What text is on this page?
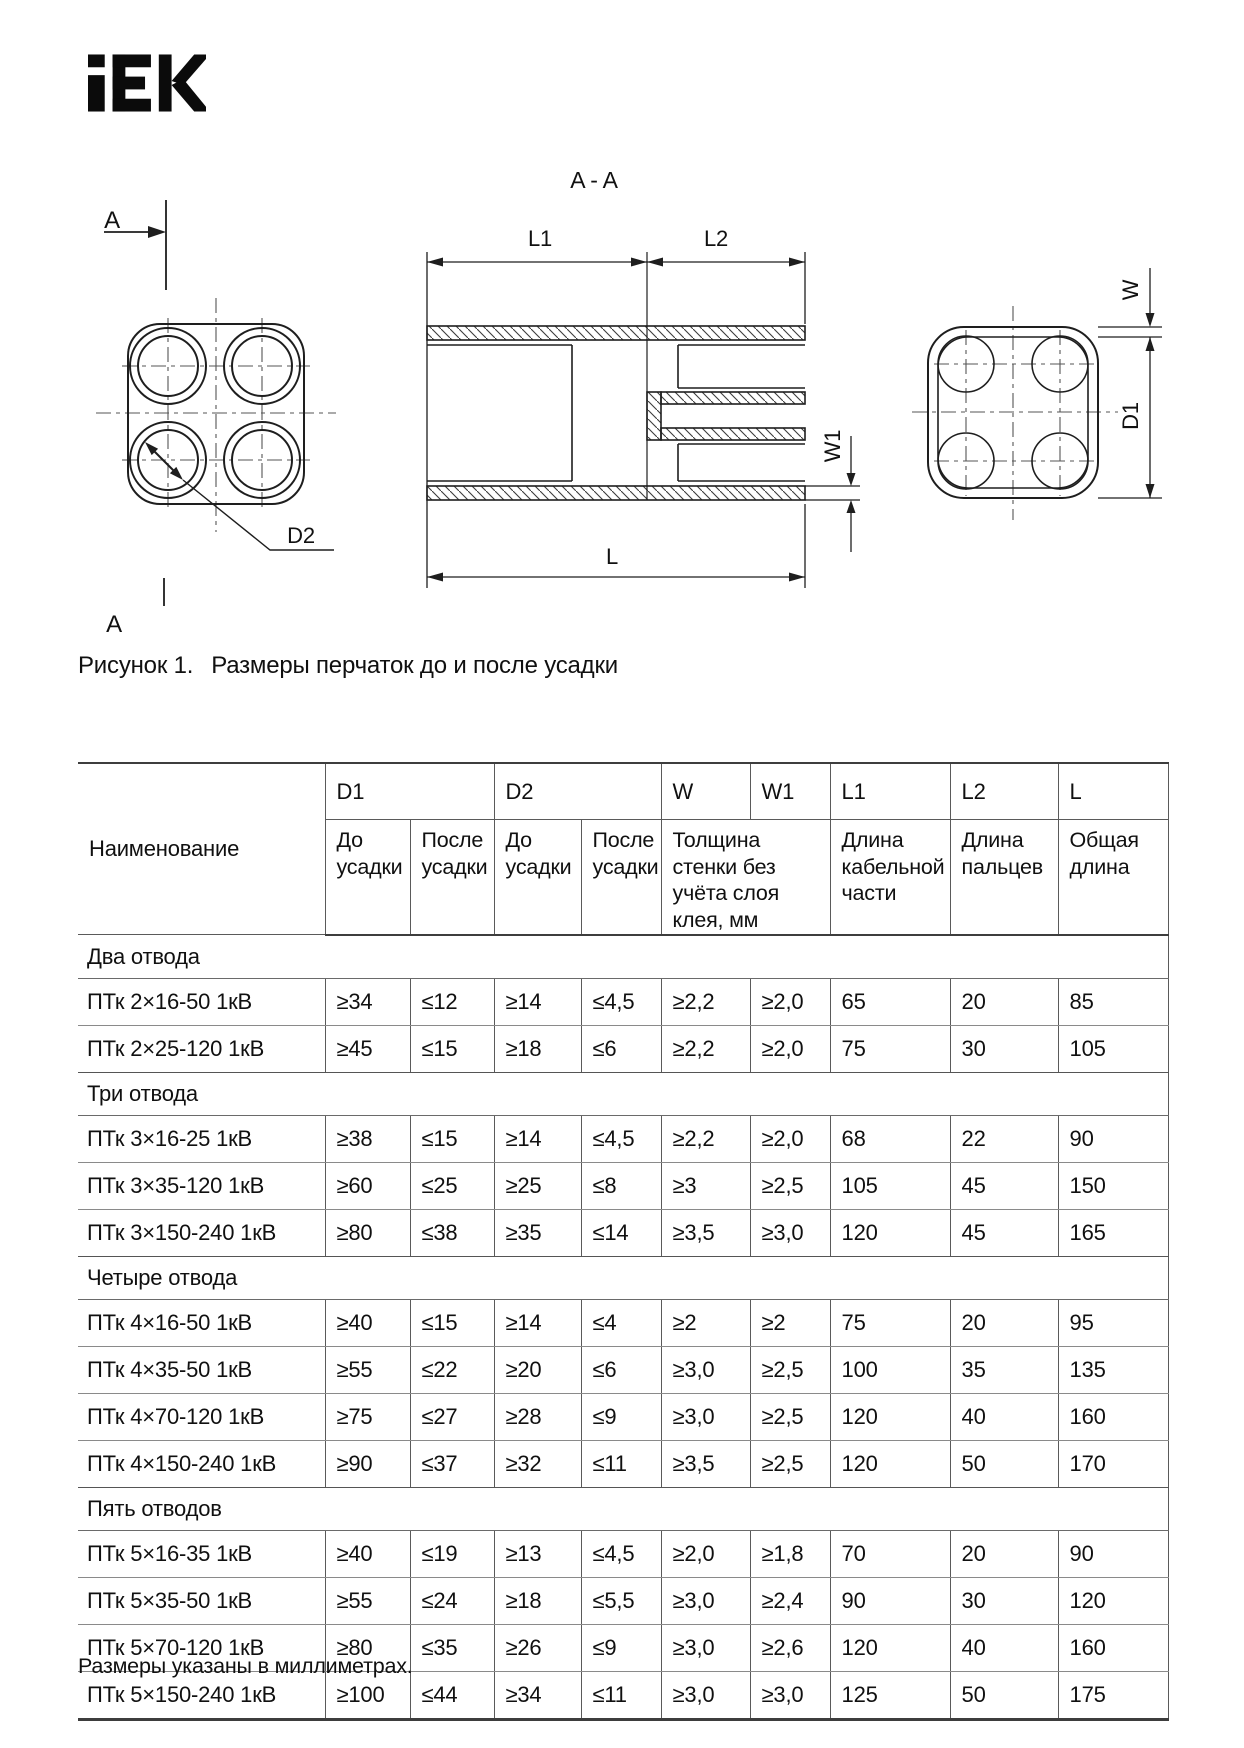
A
A
D2
A - A
L1	L2
L
W1
W
D1
Рисунок 1. Размеры перчаток до и после усадки
Наименование	D1		D2		W	W1	L1	L2	L
	До усадки	После усадки	До усадки	После усадки	Толщина стенки без учёта слоя клея, мм		Длина кабельной части	Длина пальцев	Общая длина
Два отвода									
ПТк 2×16-50 1кВ	≥34	≤12	≥14	≤4,5	≥2,2	≥2,0	65	20	85
ПТк 2×25-120 1кВ	≥45	≤15	≥18	≤6	≥2,2	≥2,0	75	30	105
Три отвода									
ПТк 3×16-25 1кВ	≥38	≤15	≥14	≤4,5	≥2,2	≥2,0	68	22	90
ПТк 3×35-120 1кВ	≥60	≤25	≥25	≤8	≥3	≥2,5	105	45	150
ПТк 3×150-240 1кВ	≥80	≤38	≥35	≤14	≥3,5	≥3,0	120	45	165
Четыре отвода									
ПТк 4×16-50 1кВ	≥40	≤15	≥14	≤4	≥2	≥2	75	20	95
ПТк 4×35-50 1кВ	≥55	≤22	≥20	≤6	≥3,0	≥2,5	100	35	135
ПТк 4×70-120 1кВ	≥75	≤27	≥28	≤9	≥3,0	≥2,5	120	40	160
ПТк 4×150-240 1кВ	≥90	≤37	≥32	≤11	≥3,5	≥2,5	120	50	170
Пять отводов									
ПТк 5×16-35 1кВ	≥40	≤19	≥13	≤4,5	≥2,0	≥1,8	70	20	90
ПТк 5×35-50 1кВ	≥55	≤24	≥18	≤5,5	≥3,0	≥2,4	90	30	120
ПТк 5×70-120 1кВ	≥80	≤35	≥26	≤9	≥3,0	≥2,6	120	40	160
ПТк 5×150-240 1кВ	≥100	≤44	≥34	≤11	≥3,0	≥3,0	125	50	175
Размеры указаны в миллиметрах.
